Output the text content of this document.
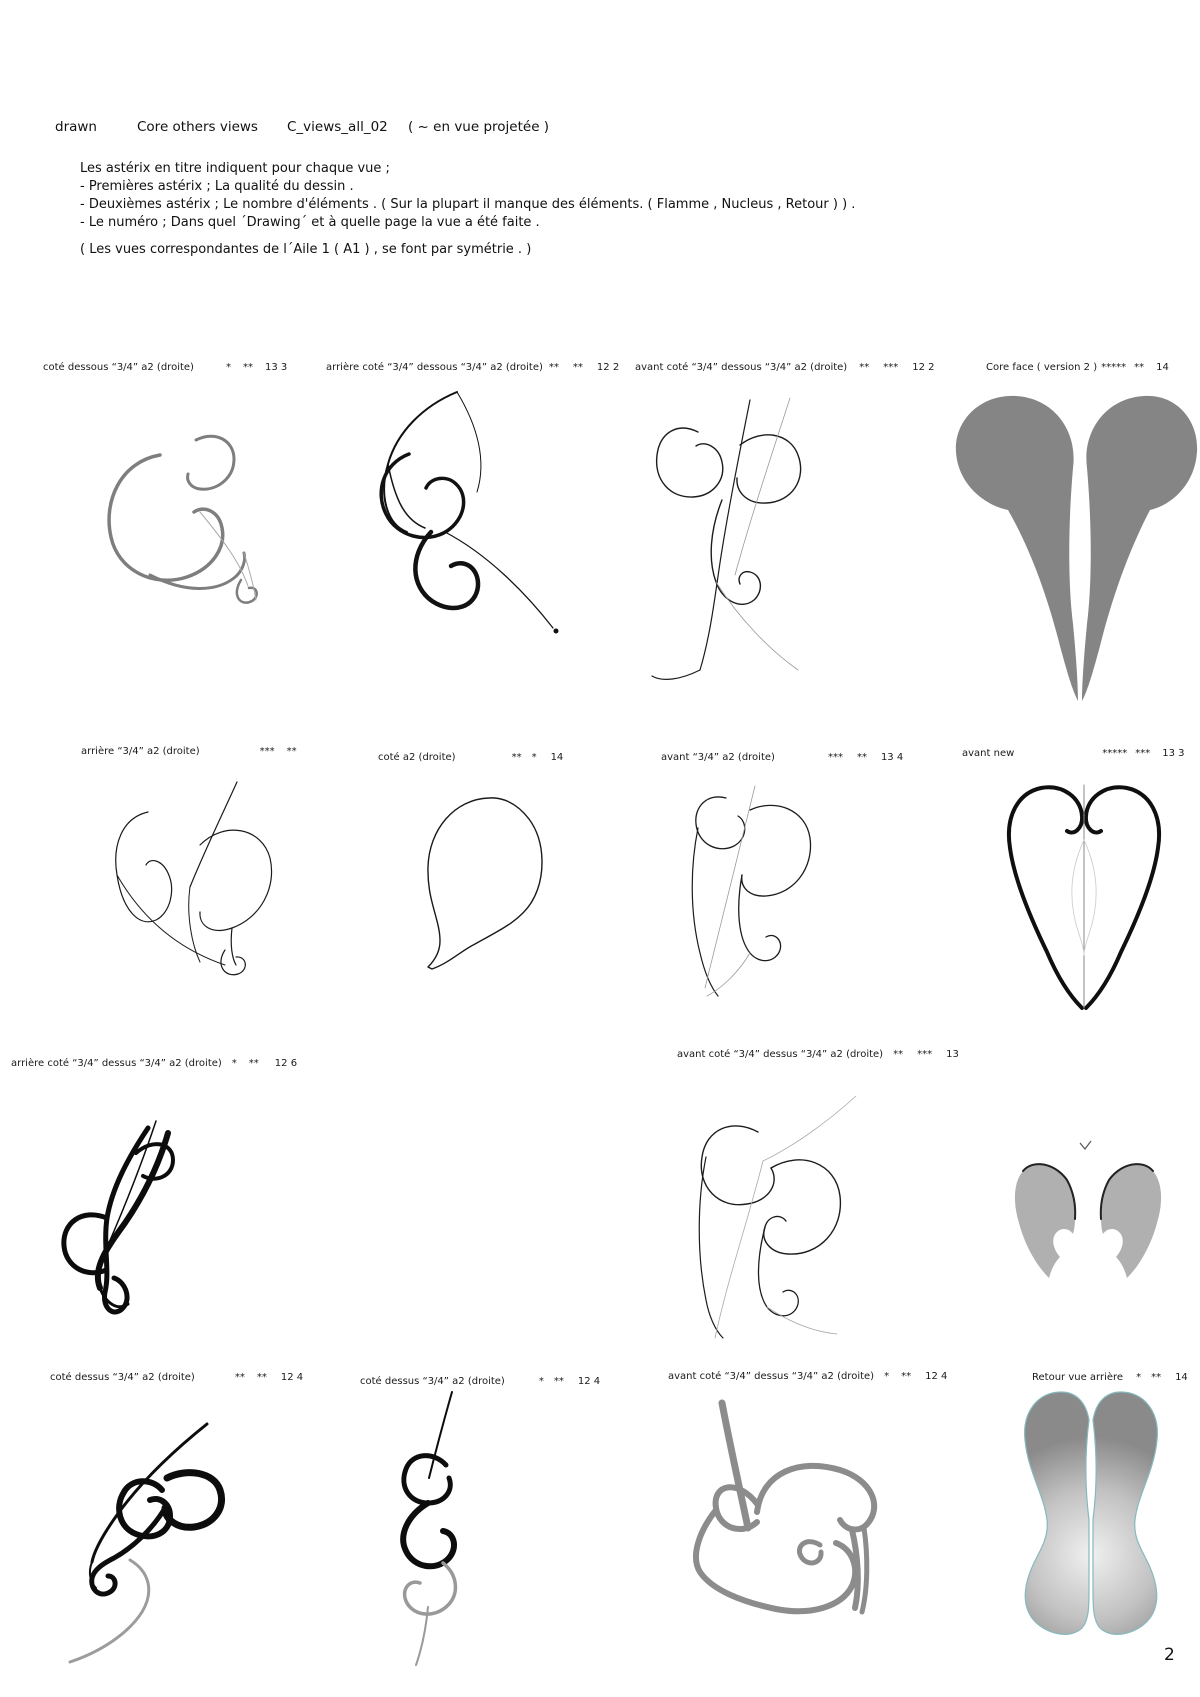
drawn	Core others views C_views_all_02 ( ~ en vue projetée )
Les astérix en titre indiquent pour chaque vue ;
- Premières astérix ; La qualité du dessin .
- Deuxièmes astérix ; Le nombre d'éléments . ( Sur la plupart il manque des éléments. ( Flamme , Nucleus , Retour ) ) .
- Le numéro ; Dans quel ´Drawing´ et à quelle page la vue a été faite .
( Les vues correspondantes de l´Aile 1 ( A1 ) , se font par symétrie . )
coté dessous “3/4” a2 (droite)	* ** 13 3	arrière coté “3/4” dessous “3/4” a2 (droite) ** ** 12 2 avant coté “3/4” dessous “3/4” a2 (droite) ** *** 12 2	Core face ( version 2 ) ***** ** 14
arrière “3/4” a2 (droite)	*** **
coté a2 (droite)	** * 14	avant “3/4” a2 (droite)	*** ** 13 4	avant new	***** *** 13 3
arrière coté “3/4” dessus “3/4” a2 (droite) * ** 12 6
avant coté “3/4” dessus “3/4” a2 (droite) ** *** 13
coté dessus “3/4” a2 (droite)	** ** 12 4	coté dessus “3/4” a2 (droite)	* ** 12 4	avant coté “3/4” dessus “3/4” a2 (droite) * ** 12 4	Retour vue arrière * ** 14
2
